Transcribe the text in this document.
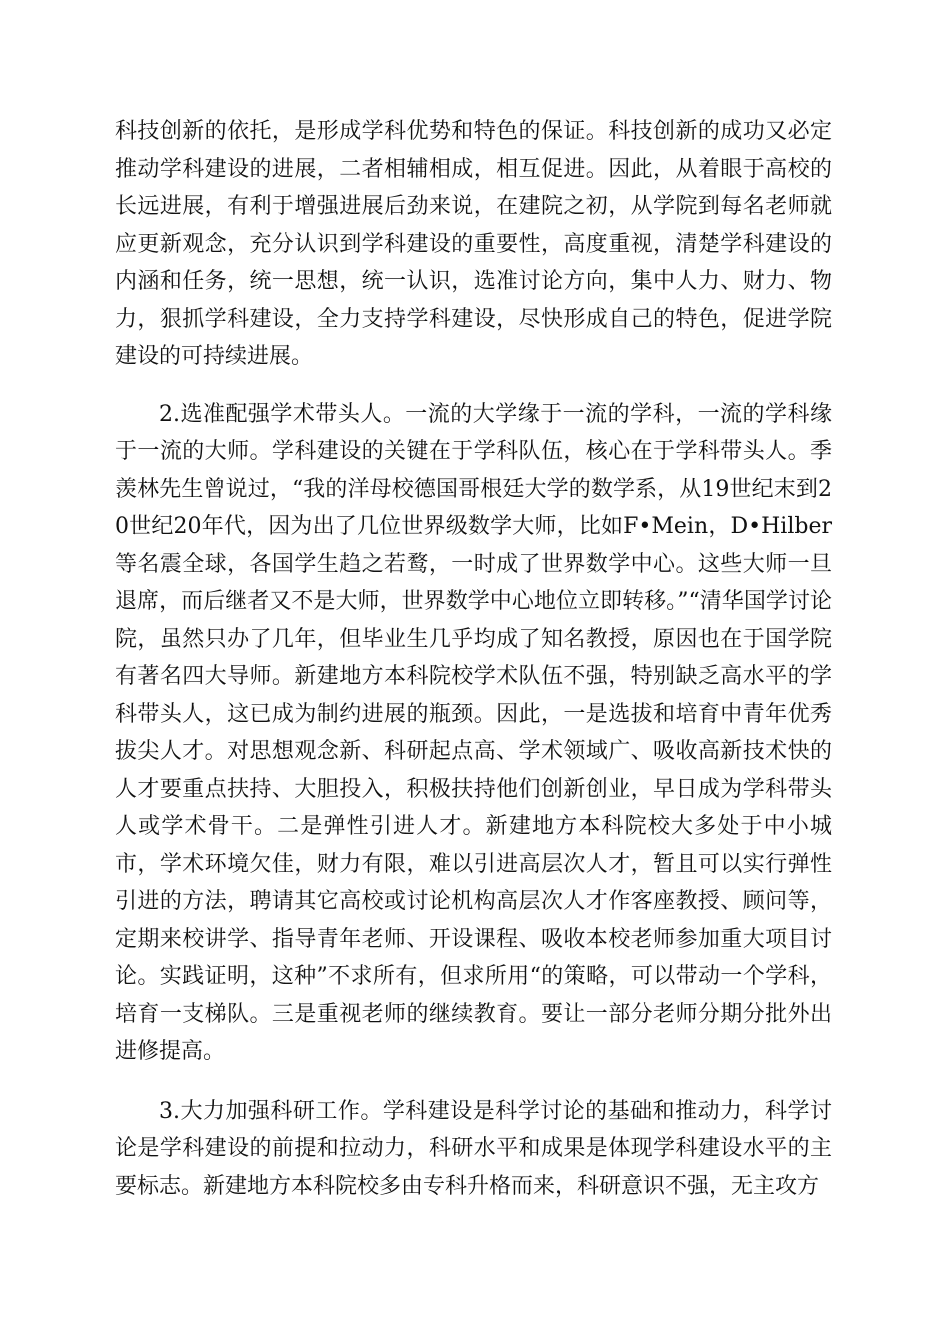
科技创新的依托，是形成学科优势和特色的保证。科技创新的成功又必定推动学科建设的进展，二者相辅相成，相互促进。因此，从着眼于高校的长远进展，有利于增强进展后劲来说，在建院之初，从学院到每名老师就应更新观念，充分认识到学科建设的重要性，高度重视，清楚学科建设的内涵和任务，统一思想，统一认识，选准讨论方向，集中人力、财力、物力，狠抓学科建设，全力支持学科建设，尽快形成自己的特色，促进学院建设的可持续进展。

2.选准配强学术带头人。一流的大学缘于一流的学科，一流的学科缘于一流的大师。学科建设的关键在于学科队伍，核心在于学科带头人。季羡林先生曾说过，“我的洋母校德国哥根廷大学的数学系，从19世纪末到20世纪20年代，因为出了几位世界级数学大师，比如F•Mein，D•Hilber等名震全球，各国学生趋之若鹜，一时成了世界数学中心。这些大师一旦退席，而后继者又不是大师，世界数学中心地位立即转移。”“清华国学讨论院，虽然只办了几年，但毕业生几乎均成了知名教授，原因也在于国学院有著名四大导师。新建地方本科院校学术队伍不强，特别缺乏高水平的学科带头人，这已成为制约进展的瓶颈。因此，一是选拔和培育中青年优秀拔尖人才。对思想观念新、科研起点高、学术领域广、吸收高新技术快的人才要重点扶持、大胆投入，积极扶持他们创新创业，早日成为学科带头人或学术骨干。二是弹性引进人才。新建地方本科院校大多处于中小城市，学术环境欠佳，财力有限，难以引进高层次人才，暂且可以实行弹性引进的方法，聘请其它高校或讨论机构高层次人才作客座教授、顾问等，定期来校讲学、指导青年老师、开设课程、吸收本校老师参加重大项目讨论。实践证明，这种”不求所有，但求所用“的策略，可以带动一个学科，培育一支梯队。三是重视老师的继续教育。要让一部分老师分期分批外出进修提高。

3.大力加强科研工作。学科建设是科学讨论的基础和推动力，科学讨论是学科建设的前提和拉动力，科研水平和成果是体现学科建设水平的主要标志。新建地方本科院校多由专科升格而来，科研意识不强，无主攻方
